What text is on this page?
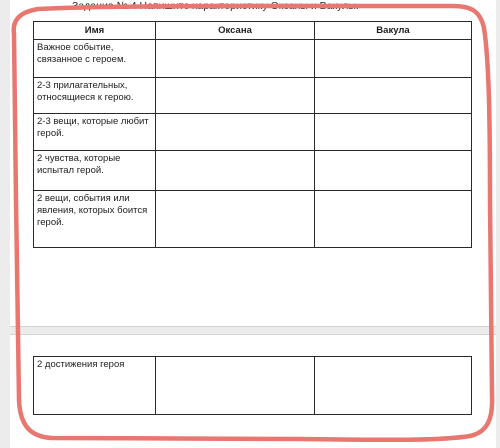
Задание № 4 Напишите характеристику Оксаны и Вакулы.
Имя	Оксана	Вакула
Важное событие, связанное с героем.		
2-3 прилагательных, относящиеся к герою.		
2-3 вещи, которые любит герой.		
2 чувства, которые испытал герой.		
2 вещи, события или явления, которых боится герой.		
2 достижения героя		
